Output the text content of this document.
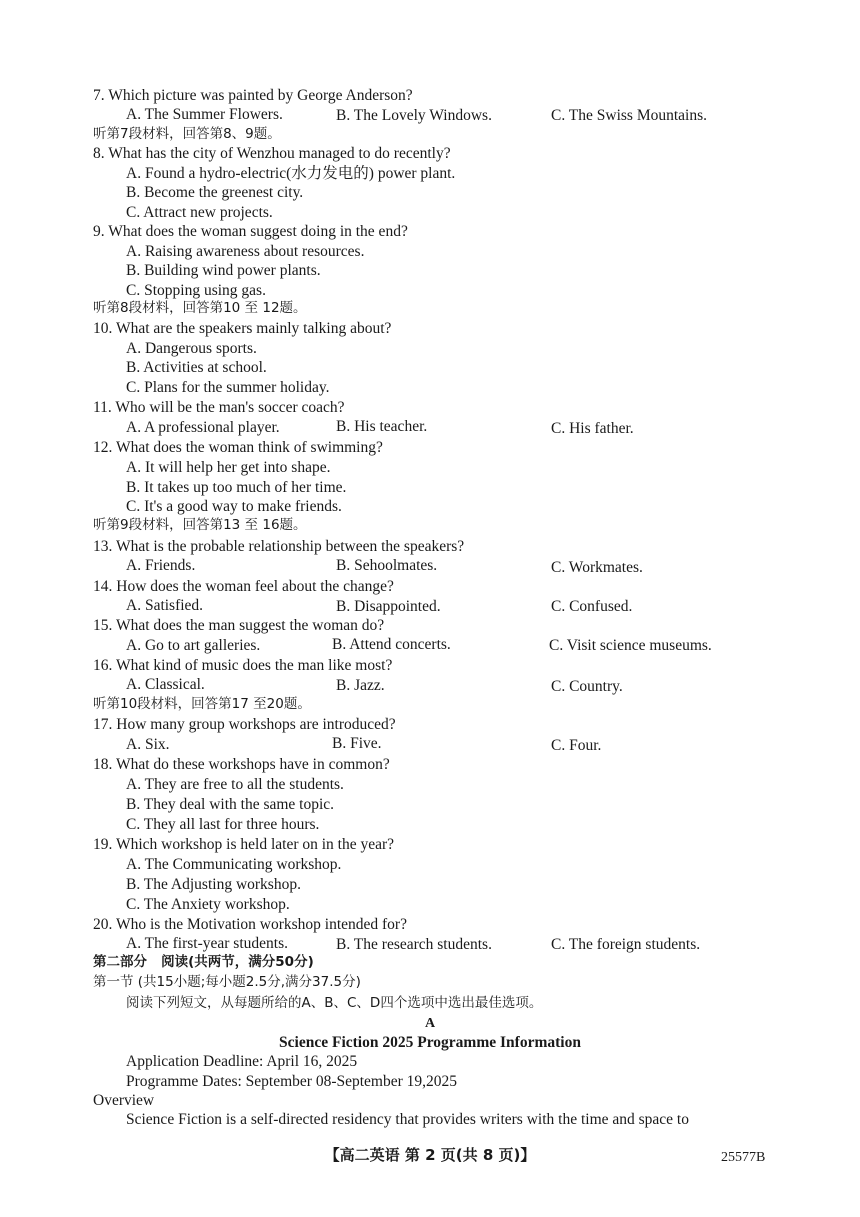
7. Which picture was painted by George Anderson?
A. The Summer Flowers.	B. The Lovely Windows.	C. The Swiss Mountains.
听第7段材料，回答第8、9题。
8. What has the city of Wenzhou managed to do recently?
A. Found a hydro-electric(水力发电的) power plant.
B. Become the greenest city.
C. Attract new projects.
9. What does the woman suggest doing in the end?
A. Raising awareness about resources.
B. Building wind power plants.
C. Stopping using gas.
听第8段材料，回答第10 至 12题。
10. What are the speakers mainly talking about?
A. Dangerous sports.
B. Activities at school.
C. Plans for the summer holiday.
11. Who will be the man's soccer coach?
A. A professional player.	B. His teacher.	C. His father.
12. What does the woman think of swimming?
A. It will help her get into shape.
B. It takes up too much of her time.
C. It's a good way to make friends.
听第9段材料，回答第13 至 16题。
13. What is the probable relationship between the speakers?
A. Friends.	B. Sehoolmates.	C. Workmates.
14. How does the woman feel about the change?
A. Satisfied.	B. Disappointed.	C. Confused.
15. What does the man suggest the woman do?
A. Go to art galleries.	B. Attend concerts.	C. Visit science museums.
16. What kind of music does the man like most?
A. Classical.	B. Jazz.	C. Country.
听第10段材料，回答第17 至20题。
17. How many group workshops are introduced?
A. Six.	B. Five.	C. Four.
18. What do these workshops have in common?
A. They are free to all the students.
B. They deal with the same topic.
C. They all last for three hours.
19. Which workshop is held later on in the year?
A. The Communicating workshop.
B. The Adjusting workshop.
C. The Anxiety workshop.
20. Who is the Motivation workshop intended for?
A. The first-year students.	B. The research students.	C. The foreign students.
第二部分 阅读(共两节，满分50分)
第一节 (共15小题;每小题2.5分,满分37.5分)
阅读下列短文，从每题所给的A、B、C、D四个选项中选出最佳选项。
A
Science Fiction 2025 Programme Information
Application Deadline: April 16, 2025
Programme Dates: September 08-September 19,2025
Overview
Science Fiction is a self-directed residency that provides writers with the time and space to
【高二英语 第 2 页(共 8 页)】	25577B
